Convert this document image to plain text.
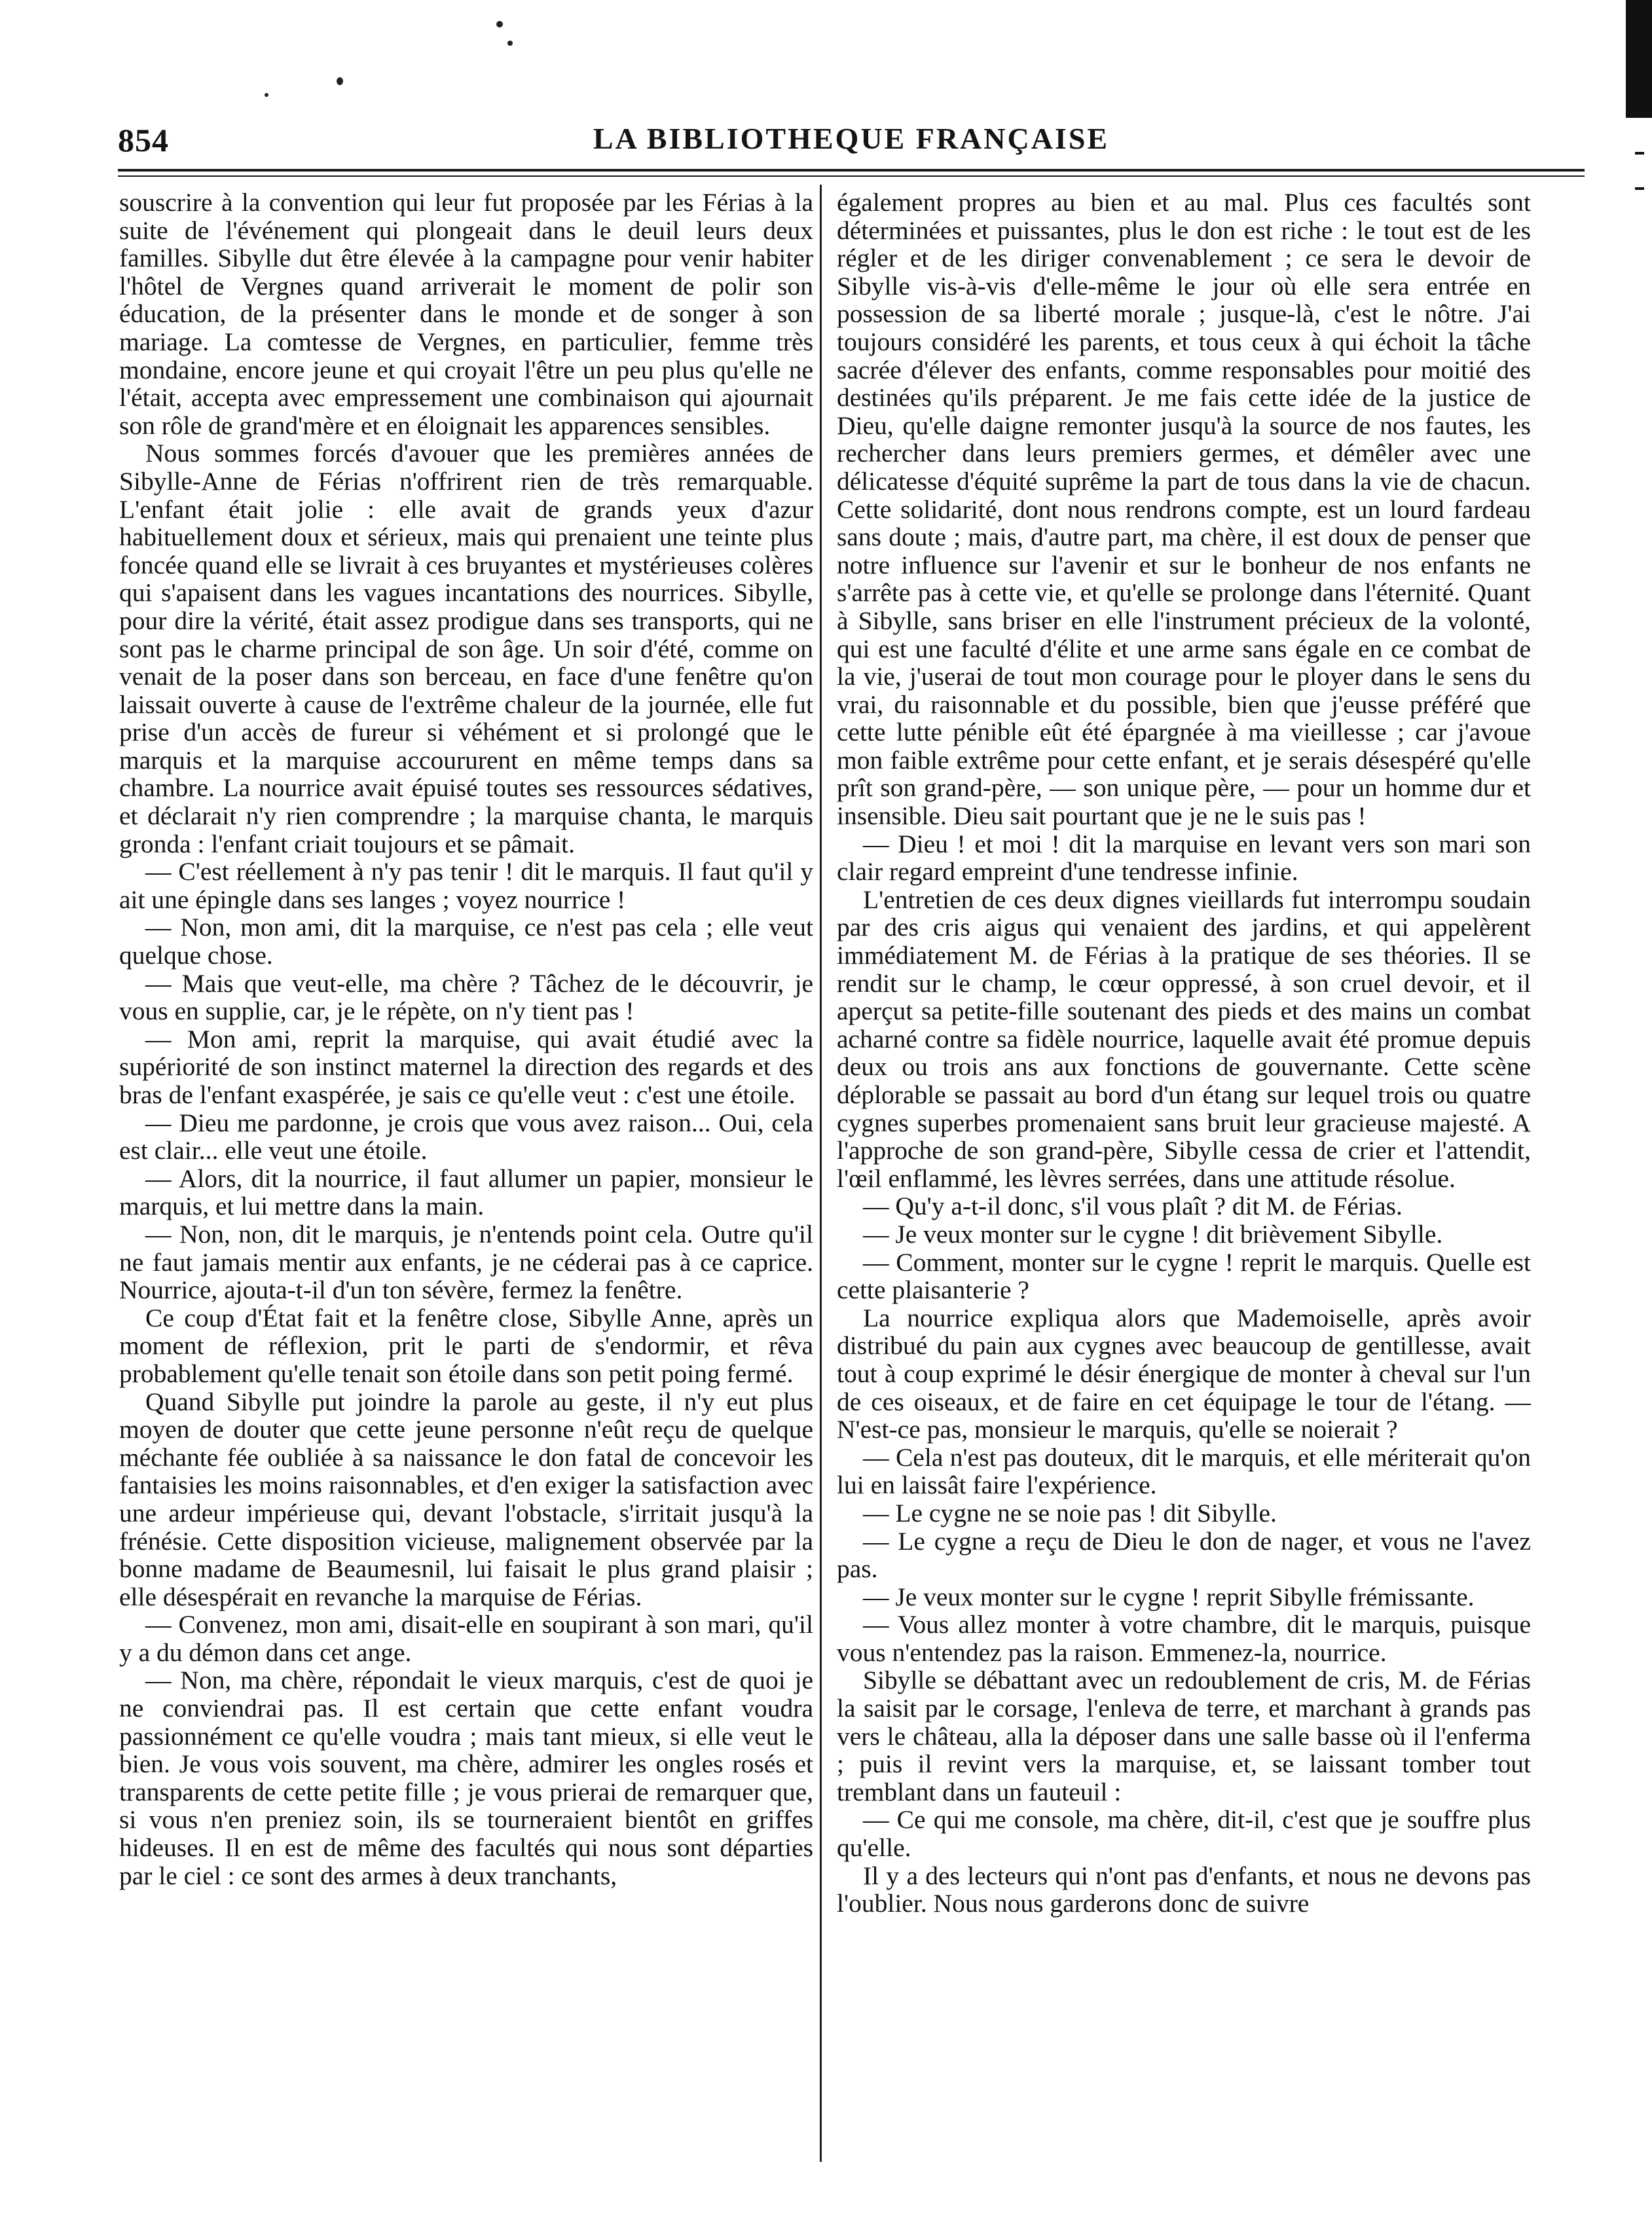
854	LA BIBLIOTHEQUE FRANÇAISE

souscrire à la convention qui leur fut proposée par les Férias à la suite de l'événement qui plongeait dans le deuil leurs deux familles. Sibylle dut être élevée à la campagne pour venir habiter l'hôtel de Vergnes quand arriverait le moment de polir son éducation, de la présenter dans le monde et de songer à son mariage. La comtesse de Vergnes, en particulier, femme très mondaine, encore jeune et qui croyait l'être un peu plus qu'elle ne l'était, accepta avec empressement une combinaison qui ajournait son rôle de grand'mère et en éloignait les apparences sensibles.

Nous sommes forcés d'avouer que les premières années de Sibylle-Anne de Férias n'offrirent rien de très remarquable. L'enfant était jolie : elle avait de grands yeux d'azur habituellement doux et sérieux, mais qui prenaient une teinte plus foncée quand elle se livrait à ces bruyantes et mystérieuses colères qui s'apaisent dans les vagues incantations des nourrices. Sibylle, pour dire la vérité, était assez prodigue dans ses transports, qui ne sont pas le charme principal de son âge. Un soir d'été, comme on venait de la poser dans son berceau, en face d'une fenêtre qu'on laissait ouverte à cause de l'extrême chaleur de la journée, elle fut prise d'un accès de fureur si véhément et si prolongé que le marquis et la marquise accoururent en même temps dans sa chambre. La nourrice avait épuisé toutes ses ressources sédatives, et déclarait n'y rien comprendre ; la marquise chanta, le marquis gronda : l'enfant criait toujours et se pâmait.

— C'est réellement à n'y pas tenir ! dit le marquis. Il faut qu'il y ait une épingle dans ses langes ; voyez nourrice !

— Non, mon ami, dit la marquise, ce n'est pas cela ; elle veut quelque chose.

— Mais que veut-elle, ma chère ? Tâchez de le découvrir, je vous en supplie, car, je le répète, on n'y tient pas !

— Mon ami, reprit la marquise, qui avait étudié avec la supériorité de son instinct maternel la direction des regards et des bras de l'enfant exaspérée, je sais ce qu'elle veut : c'est une étoile.

— Dieu me pardonne, je crois que vous avez raison... Oui, cela est clair... elle veut une étoile.

— Alors, dit la nourrice, il faut allumer un papier, monsieur le marquis, et lui mettre dans la main.

— Non, non, dit le marquis, je n'entends point cela. Outre qu'il ne faut jamais mentir aux enfants, je ne céderai pas à ce caprice. Nourrice, ajouta-t-il d'un ton sévère, fermez la fenêtre.

Ce coup d'État fait et la fenêtre close, Sibylle Anne, après un moment de réflexion, prit le parti de s'endormir, et rêva probablement qu'elle tenait son étoile dans son petit poing fermé.

Quand Sibylle put joindre la parole au geste, il n'y eut plus moyen de douter que cette jeune personne n'eût reçu de quelque méchante fée oubliée à sa naissance le don fatal de concevoir les fantaisies les moins raisonnables, et d'en exiger la satisfaction avec une ardeur impérieuse qui, devant l'obstacle, s'irritait jusqu'à la frénésie. Cette disposition vicieuse, malignement observée par la bonne madame de Beaumesnil, lui faisait le plus grand plaisir ; elle désespérait en revanche la marquise de Férias.

— Convenez, mon ami, disait-elle en soupirant à son mari, qu'il y a du démon dans cet ange.

— Non, ma chère, répondait le vieux marquis, c'est de quoi je ne conviendrai pas. Il est certain que cette enfant voudra passionnément ce qu'elle voudra ; mais tant mieux, si elle veut le bien. Je vous vois souvent, ma chère, admirer les ongles rosés et transparents de cette petite fille ; je vous prierai de remarquer que, si vous n'en preniez soin, ils se tourneraient bientôt en griffes hideuses. Il en est de même des facultés qui nous sont départies par le ciel : ce sont des armes à deux tranchants,

également propres au bien et au mal. Plus ces facultés sont déterminées et puissantes, plus le don est riche : le tout est de les régler et de les diriger convenablement ; ce sera le devoir de Sibylle vis-à-vis d'elle-même le jour où elle sera entrée en possession de sa liberté morale ; jusque-là, c'est le nôtre. J'ai toujours considéré les parents, et tous ceux à qui échoit la tâche sacrée d'élever des enfants, comme responsables pour moitié des destinées qu'ils préparent. Je me fais cette idée de la justice de Dieu, qu'elle daigne remonter jusqu'à la source de nos fautes, les rechercher dans leurs premiers germes, et démêler avec une délicatesse d'équité suprême la part de tous dans la vie de chacun. Cette solidarité, dont nous rendrons compte, est un lourd fardeau sans doute ; mais, d'autre part, ma chère, il est doux de penser que notre influence sur l'avenir et sur le bonheur de nos enfants ne s'arrête pas à cette vie, et qu'elle se prolonge dans l'éternité. Quant à Sibylle, sans briser en elle l'instrument précieux de la volonté, qui est une faculté d'élite et une arme sans égale en ce combat de la vie, j'userai de tout mon courage pour le ployer dans le sens du vrai, du raisonnable et du possible, bien que j'eusse préféré que cette lutte pénible eût été épargnée à ma vieillesse ; car j'avoue mon faible extrême pour cette enfant, et je serais désespéré qu'elle prît son grand-père, — son unique père, — pour un homme dur et insensible. Dieu sait pourtant que je ne le suis pas !

— Dieu ! et moi ! dit la marquise en levant vers son mari son clair regard empreint d'une tendresse infinie.

L'entretien de ces deux dignes vieillards fut interrompu soudain par des cris aigus qui venaient des jardins, et qui appelèrent immédiatement M. de Férias à la pratique de ses théories. Il se rendit sur le champ, le cœur oppressé, à son cruel devoir, et il aperçut sa petite-fille soutenant des pieds et des mains un combat acharné contre sa fidèle nourrice, laquelle avait été promue depuis deux ou trois ans aux fonctions de gouvernante. Cette scène déplorable se passait au bord d'un étang sur lequel trois ou quatre cygnes superbes promenaient sans bruit leur gracieuse majesté. A l'approche de son grand-père, Sibylle cessa de crier et l'attendit, l'œil enflammé, les lèvres serrées, dans une attitude résolue.

— Qu'y a-t-il donc, s'il vous plaît ? dit M. de Férias.

— Je veux monter sur le cygne ! dit brièvement Sibylle.

— Comment, monter sur le cygne ! reprit le marquis. Quelle est cette plaisanterie ?

La nourrice expliqua alors que Mademoiselle, après avoir distribué du pain aux cygnes avec beaucoup de gentillesse, avait tout à coup exprimé le désir énergique de monter à cheval sur l'un de ces oiseaux, et de faire en cet équipage le tour de l'étang. — N'est-ce pas, monsieur le marquis, qu'elle se noierait ?

— Cela n'est pas douteux, dit le marquis, et elle mériterait qu'on lui en laissât faire l'expérience.

— Le cygne ne se noie pas ! dit Sibylle.

— Le cygne a reçu de Dieu le don de nager, et vous ne l'avez pas.

— Je veux monter sur le cygne ! reprit Sibylle frémissante.

— Vous allez monter à votre chambre, dit le marquis, puisque vous n'entendez pas la raison. Emmenez-la, nourrice.

Sibylle se débattant avec un redoublement de cris, M. de Férias la saisit par le corsage, l'enleva de terre, et marchant à grands pas vers le château, alla la déposer dans une salle basse où il l'enferma ; puis il revint vers la marquise, et, se laissant tomber tout tremblant dans un fauteuil :

— Ce qui me console, ma chère, dit-il, c'est que je souffre plus qu'elle.

Il y a des lecteurs qui n'ont pas d'enfants, et nous ne devons pas l'oublier. Nous nous garderons donc de suivre
